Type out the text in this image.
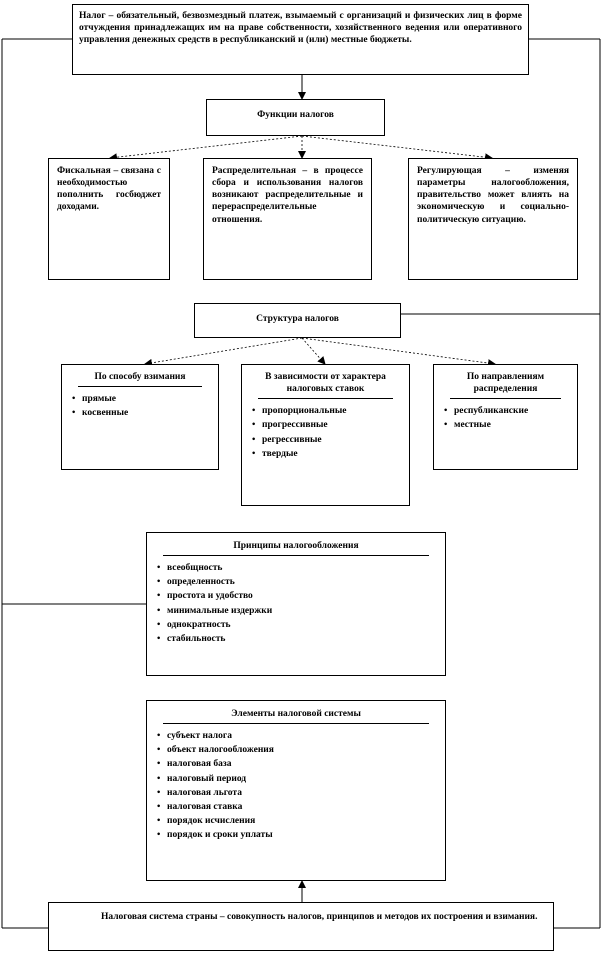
Налог – обязательный, безвозмездный платеж, взымаемый с организаций и физических лиц в форме отчуждения принадлежащих им на праве собственности, хозяйственного ведения или оперативного управления денежных средств в республиканский и (или) местные бюджеты.
Функции налогов
Фискальная – связана с необходимостью пополнить госбюджет доходами.
Распределительная – в процессе сбора и использования налогов возникают распределительные и перераспределительные отношения.
Регулирующая – изменяя параметры налогообложения, правительство может влиять на экономическую и социально-политическую ситуацию.
Структура налогов
По способу взимания
• прямые
• косвенные
В зависимости от характера налоговых ставок
• пропорциональные
• прогрессивные
• регрессивные
• твердые
По направлениям распределения
• республиканские
• местные
Принципы налогообложения
• всеобщность
• определенность
• простота и удобство
• минимальные издержки
• однократность
• стабильность
Элементы налоговой системы
• субъект налога
• объект налогообложения
• налоговая база
• налоговый период
• налоговая льгота
• налоговая ставка
• порядок исчисления
• порядок и сроки уплаты
Налоговая система страны – совокупность налогов, принципов и методов их построения и взимания.
